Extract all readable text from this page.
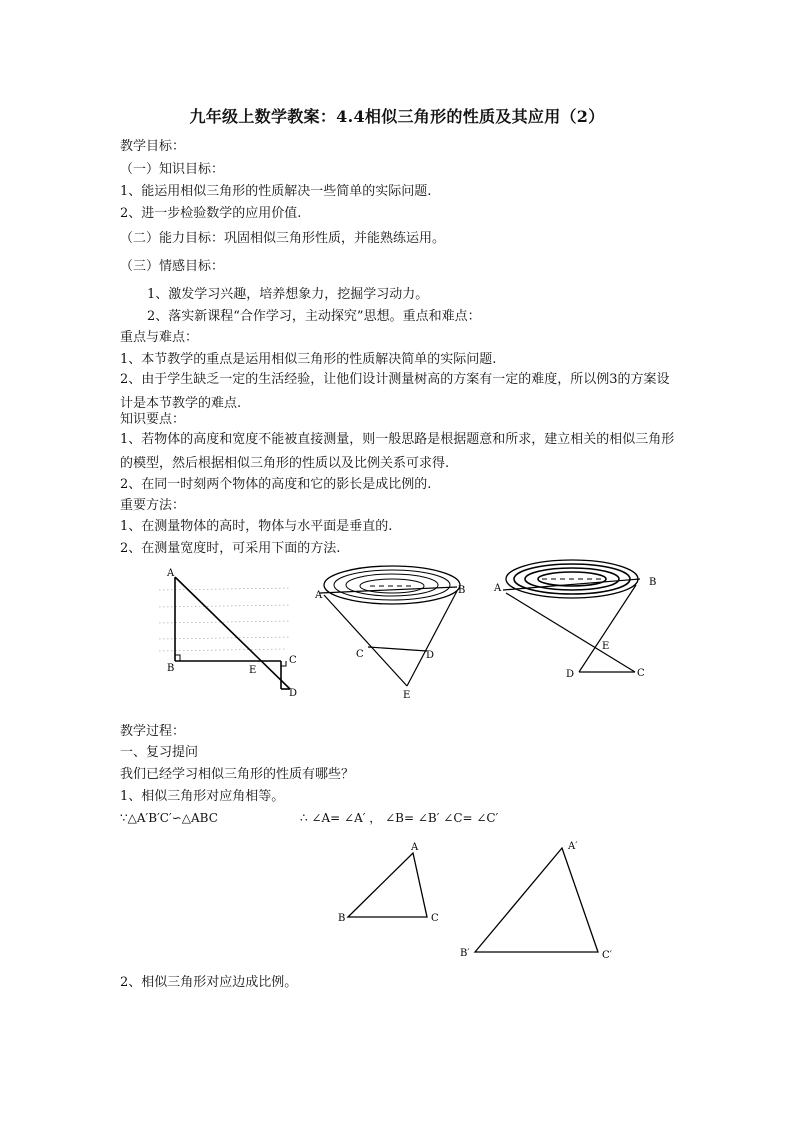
九年级上数学教案：4.4相似三角形的性质及其应用（2）
教学目标：
（一）知识目标：
1、能运用相似三角形的性质解决一些简单的实际问题.
2、进一步检验数学的应用价值.
（二）能力目标：巩固相似三角形性质，并能熟练运用。
（三）情感目标：
1、激发学习兴趣，培养想象力，挖掘学习动力。
2、落实新课程“合作学习，主动探究”思想。重点和难点：
重点与难点：
1、本节教学的重点是运用相似三角形的性质解决简单的实际问题.
2、由于学生缺乏一定的生活经验，让他们设计测量树高的方案有一定的难度，所以例3的方案设计是本节教学的难点.
知识要点：
1、若物体的高度和宽度不能被直接测量，则一般思路是根据题意和所求，建立相关的相似三角形的模型，然后根据相似三角形的性质以及比例关系可求得.
2、在同一时刻两个物体的高度和它的影长是成比例的.
重要方法：
1、在测量物体的高时，物体与水平面是垂直的.
2、在测量宽度时，可采用下面的方法.
A
B
C
D
E
A	B
C	D
E
A
B
C
D
E
教学过程：
一、复习提问
我们已经学习相似三角形的性质有哪些？
1、相似三角形对应角相等。
∵△A′B′C′∽△ABC	∴ ∠A= ∠A′ ， ∠B= ∠B′ ∠C= ∠C′
A
B	C
A′
B′	C′
2、相似三角形对应边成比例。
